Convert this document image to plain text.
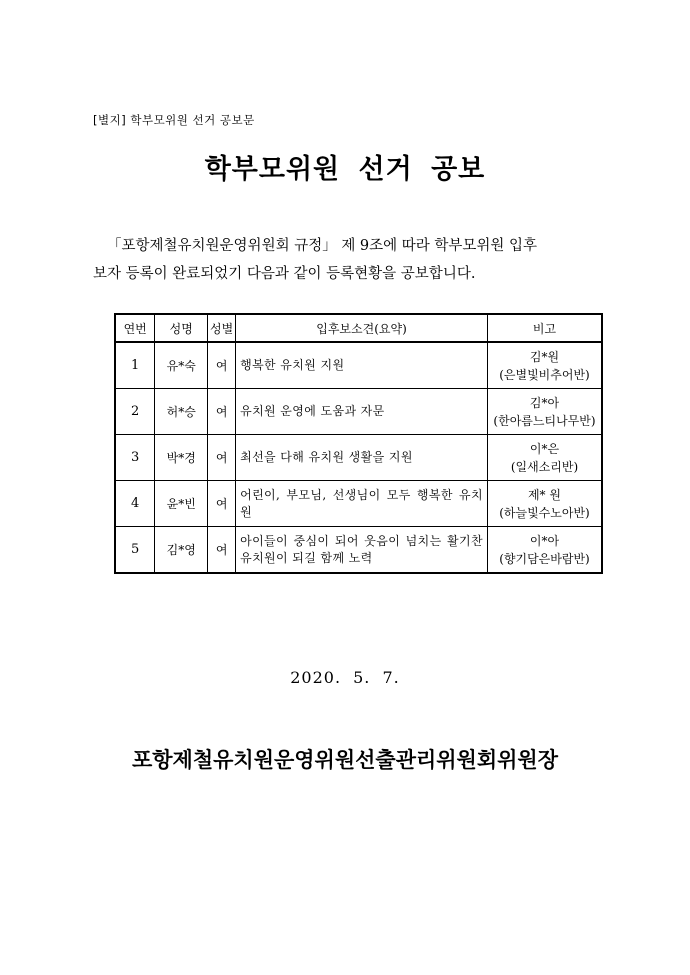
[별지] 학부모위원 선거 공보문
학부모위원 선거 공보

「포항제철유치원운영위원회 규정」 제 9조에 따라 학부모위원 입후

보자 등록이 완료되었기 다음과 같이 등록현황을 공보합니다.

연번	성명	성별	입후보소견(요약)	비고
1	유*숙	여	행복한 유치원 지원	김*원
(은별빛비추어반)

2	허*승	여	유치원 운영에 도움과 자문	김*아
(한아름느티나무반)

3	박*경	여	최선을 다해 유치원 생활을 지원	이*은
(일새소리반)

4	윤*빈	여	어린이, 부모님, 선생님이 모두 행복한 유치원	제* 원
(하늘빛수노아반)

5	김*영	여	아이들이 중심이 되어 웃음이 넘치는 활기찬 유치원이 되길 함께 노력	이*아
(향기담은바람반)
2020. 5. 7.
포항제철유치원운영위원선출관리위원회위원장
